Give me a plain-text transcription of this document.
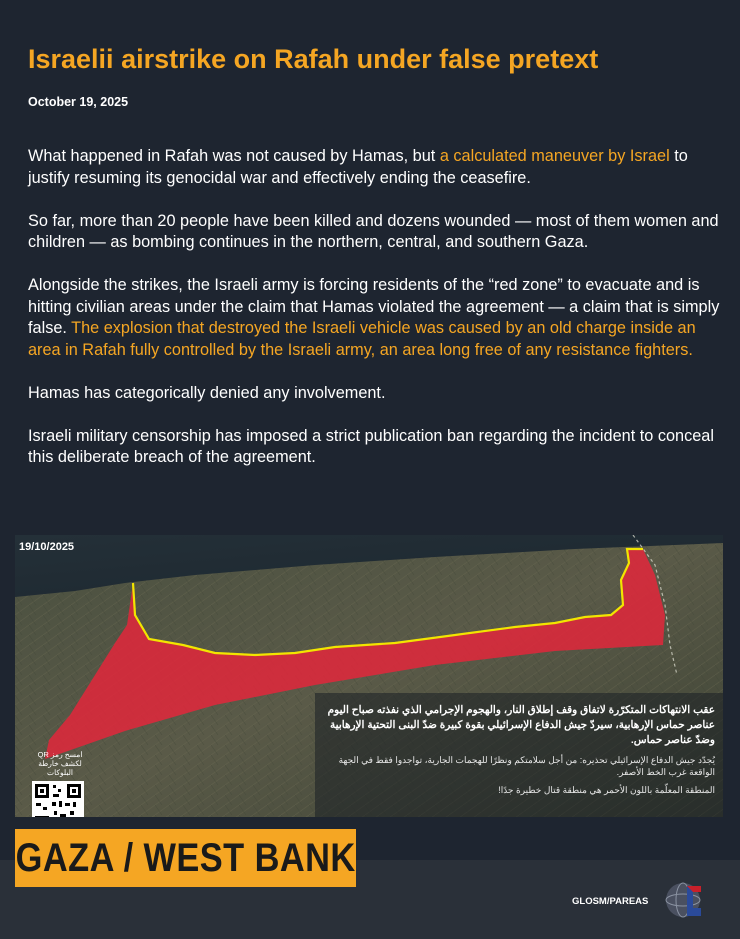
Israelii airstrike on Rafah under false pretext
October 19, 2025

What happened in Rafah was not caused by Hamas, but a calculated maneuver by Israel to justify resuming its genocidal war and effectively ending the ceasefire.

So far, more than 20 people have been killed and dozens wounded — most of them women and children — as bombing continues in the northern, central, and southern Gaza.

Alongside the strikes, the Israeli army is forcing residents of the “red zone” to evacuate and is hitting civilian areas under the claim that Hamas violated the agreement — a claim that is simply false. The explosion that destroyed the Israeli vehicle was caused by an old charge inside an area in Rafah fully controlled by the Israeli army, an area long free of any resistance fighters.

Hamas has categorically denied any involvement.

Israeli military censorship has imposed a strict publication ban regarding the incident to conceal this deliberate breach of the agreement.

19/10/2025

عقب الانتهاكات المتكرّرة لاتفاق وقف إطلاق النار، والهجوم الإجرامي الذي نفذته صباح اليوم عناصر حماس الإرهابية، سيردّ جيش الدفاع الإسرائيلي بقوة كبيرة ضدّ البنى التحتية الإرهابية وضدّ عناصر حماس.

يُجدّد جيش الدفاع الإسرائيلي تحذيره: من أجل سلامتكم ونظرًا للهجمات الجارية، تواجدوا فقط في الجهة الواقعة غرب الخط الأصفر.

المنطقة المعلّمة باللون الأحمر هي منطقة قتال خطيرة جدًا!

امسح رمز QR لكشف خارطة البلوكات
GAZA / WEST BANK
GLOSM/PAREAS
